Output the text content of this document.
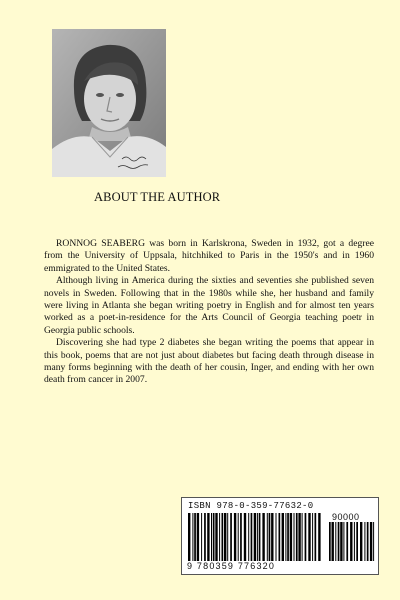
ABOUT THE AUTHOR

RONNOG SEABERG was born in Karlskrona, Sweden in 1932, got a degree from the University of Uppsala, hitchhiked to Paris in the 1950's and in 1960 emmigrated to the United States.

Although living in America during the sixties and seventies she published seven novels in Sweden. Following that in the 1980s while she, her husband and family were living in Atlanta she began writing poetry in English and for almost ten years worked as a poet-in-residence for the Arts Council of Georgia teaching poetr in Georgia public schools.

Discovering she had type 2 diabetes she began writing the poems that appear in this book, poems that are not just about diabetes but facing death through disease in many forms beginning with the death of her cousin, Inger, and ending with her own death from cancer in 2007.

ISBN 978-0-359-77632-0
90000
9 780359 776320
